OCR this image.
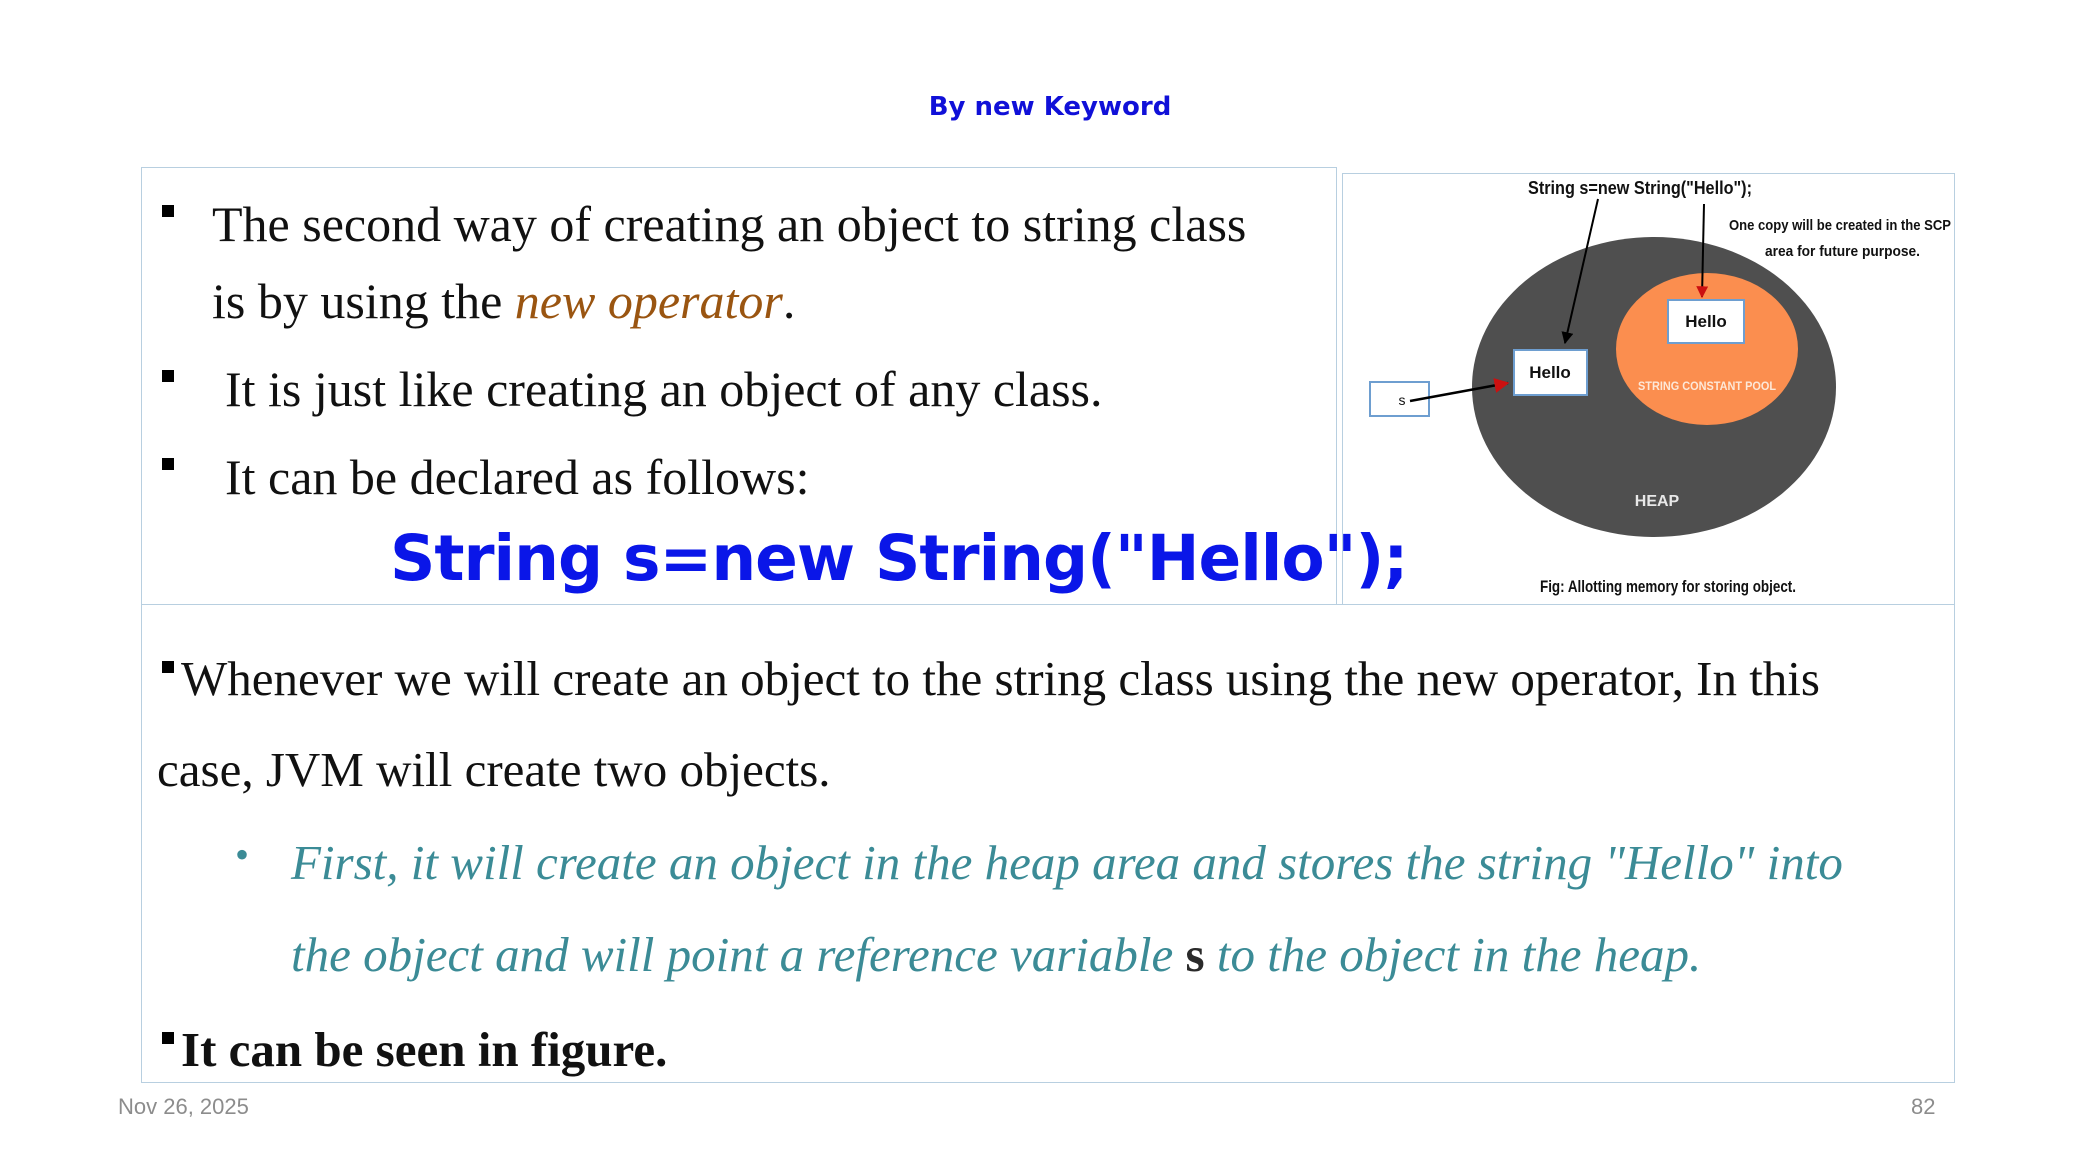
By new Keyword
The second way of creating an object to string class
is by using the new operator.
It is just like creating an object of any class.
It can be declared as follows:
String s=new String("Hello");
String s=new String("Hello");
One copy will be created in the SCP
area for future purpose.
Hello
STRING CONSTANT POOL
Hello
s
HEAP
Fig: Allotting memory for storing object.
Whenever we will create an object to the string class using the new operator, In this
case, JVM will create two objects.
• First, it will create an object in the heap area and stores the string "Hello" into
the object and will point a reference variable s to the object in the heap.
It can be seen in figure.
Nov 26, 2025	82
